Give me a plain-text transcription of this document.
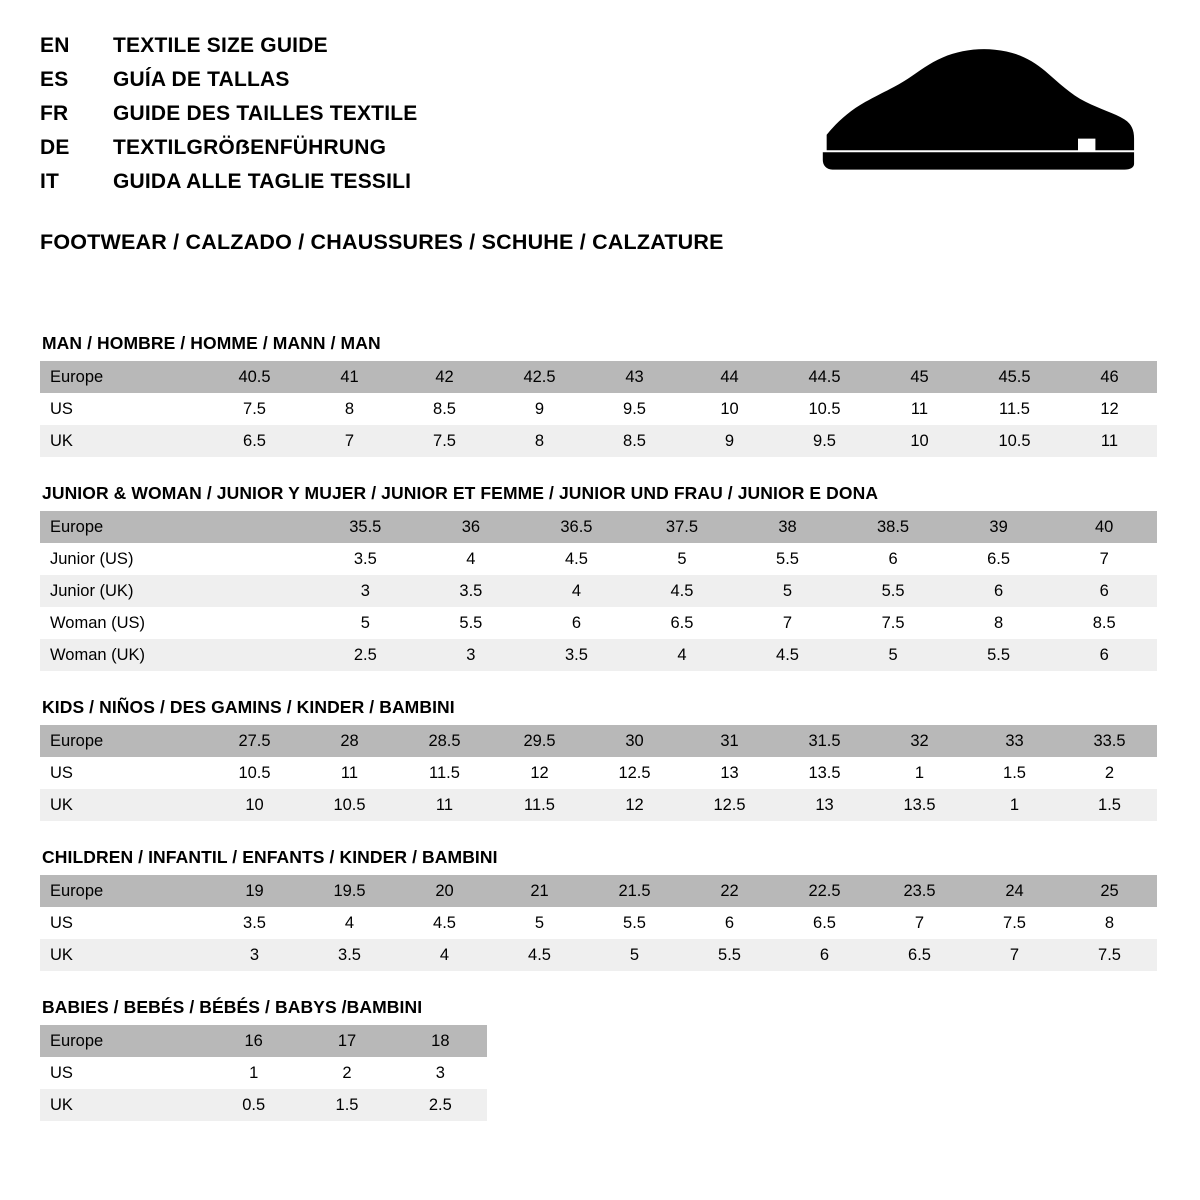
EN	TEXTILE SIZE GUIDE
ES	GUÍA DE TALLAS
FR	GUIDE DES TAILLES TEXTILE
DE	TEXTILGRÖẞENFÜHRUNG
IT	GUIDA ALLE TAGLIE TESSILI
FOOTWEAR / CALZADO / CHAUSSURES / SCHUHE / CALZATURE
MAN / HOMBRE / HOMME / MANN / MAN
Europe	40.5	41	42	42.5	43	44	44.5	45	45.5	46
US	7.5	8	8.5	9	9.5	10	10.5	11	11.5	12
UK	6.5	7	7.5	8	8.5	9	9.5	10	10.5	11
JUNIOR & WOMAN / JUNIOR Y MUJER / JUNIOR ET FEMME / JUNIOR UND FRAU / JUNIOR E DONA
Europe		35.5	36	36.5	37.5	38	38.5	39	40
Junior (US)		3.5	4	4.5	5	5.5	6	6.5	7
Junior (UK)		3	3.5	4	4.5	5	5.5	6	6
Woman (US)		5	5.5	6	6.5	7	7.5	8	8.5
Woman (UK)		2.5	3	3.5	4	4.5	5	5.5	6
KIDS / NIÑOS / DES GAMINS / KINDER / BAMBINI
Europe	27.5	28	28.5	29.5	30	31	31.5	32	33	33.5
US	10.5	11	11.5	12	12.5	13	13.5	1	1.5	2
UK	10	10.5	11	11.5	12	12.5	13	13.5	1	1.5
CHILDREN / INFANTIL / ENFANTS / KINDER / BAMBINI
Europe	19	19.5	20	21	21.5	22	22.5	23.5	24	25
US	3.5	4	4.5	5	5.5	6	6.5	7	7.5	8
UK	3	3.5	4	4.5	5	5.5	6	6.5	7	7.5
BABIES / BEBÉS / BÉBÉS / BABYS /BAMBINI
Europe	16	17	18
US	1	2	3
UK	0.5	1.5	2.5
